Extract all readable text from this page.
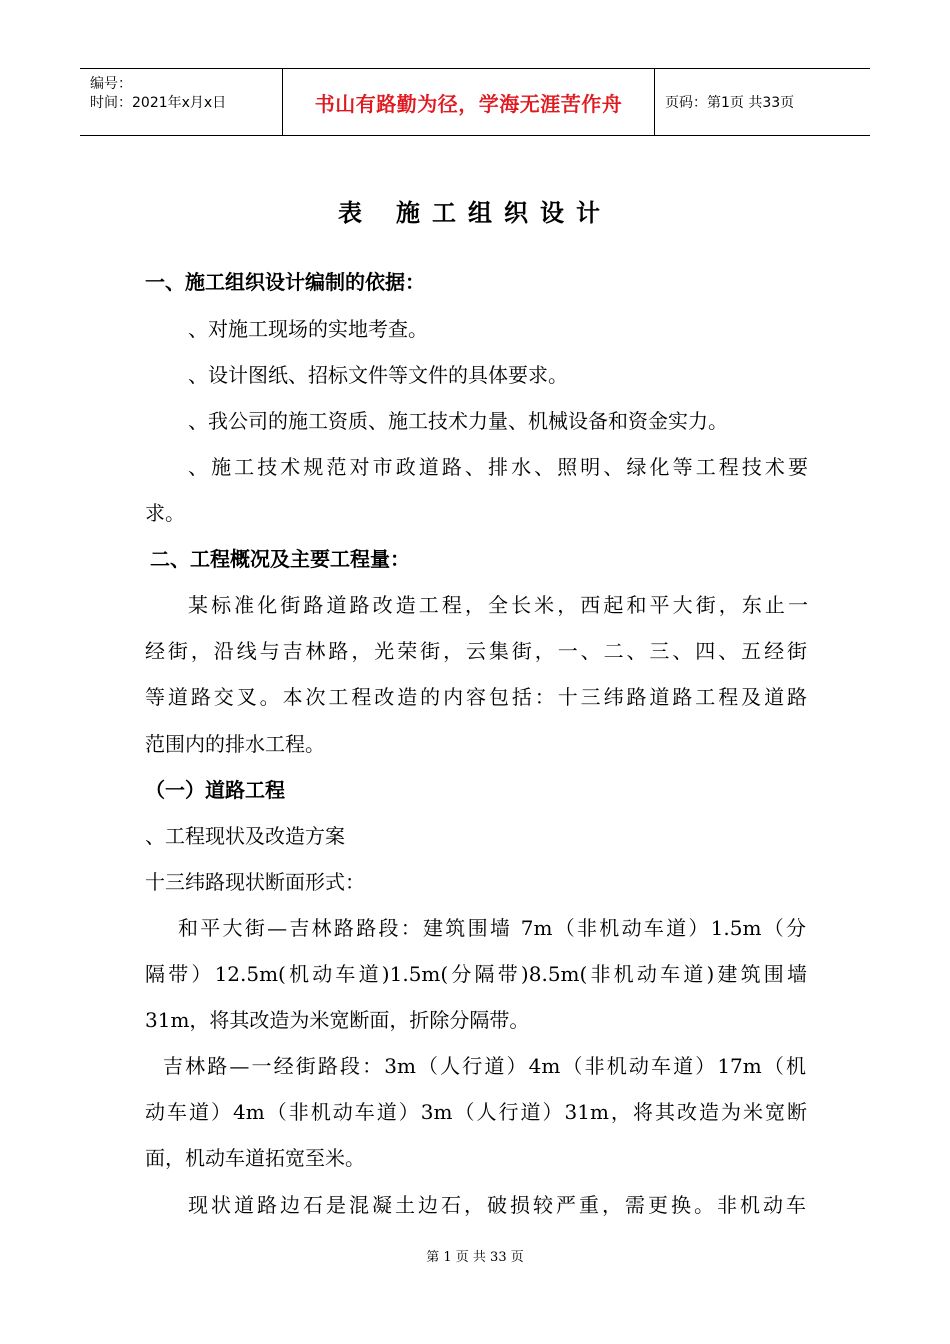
编号：
时间：2021年x月x日	书山有路勤为径，学海无涯苦作舟	页码：第1页 共33页
表 施工组织设计
一、施工组织设计编制的依据：
、对施工现场的实地考查。
、设计图纸、招标文件等文件的具体要求。
、我公司的施工资质、施工技术力量、机械设备和资金实力。
、施工技术规范对市政道路、排水、照明、绿化等工程技术要
求。
二、工程概况及主要工程量：
某标准化街路道路改造工程，全长米，西起和平大街，东止一
经街，沿线与吉林路，光荣街，云集街，一、二、三、四、五经街
等道路交叉。本次工程改造的内容包括：十三纬路道路工程及道路
范围内的排水工程。
（一）道路工程
、工程现状及改造方案
十三纬路现状断面形式：
和平大街—吉林路路段：建筑围墙 7m（非机动车道）1.5m（分
隔带）12.5m(机动车道)1.5m(分隔带)8.5m(非机动车道)建筑围墙
31m，将其改造为米宽断面，折除分隔带。
吉林路—一经街路段：3m（人行道）4m（非机动车道）17m（机
动车道）4m（非机动车道）3m（人行道）31m，将其改造为米宽断
面，机动车道拓宽至米。
现状道路边石是混凝土边石，破损较严重，需更换。非机动车
第 1 页 共 33 页
